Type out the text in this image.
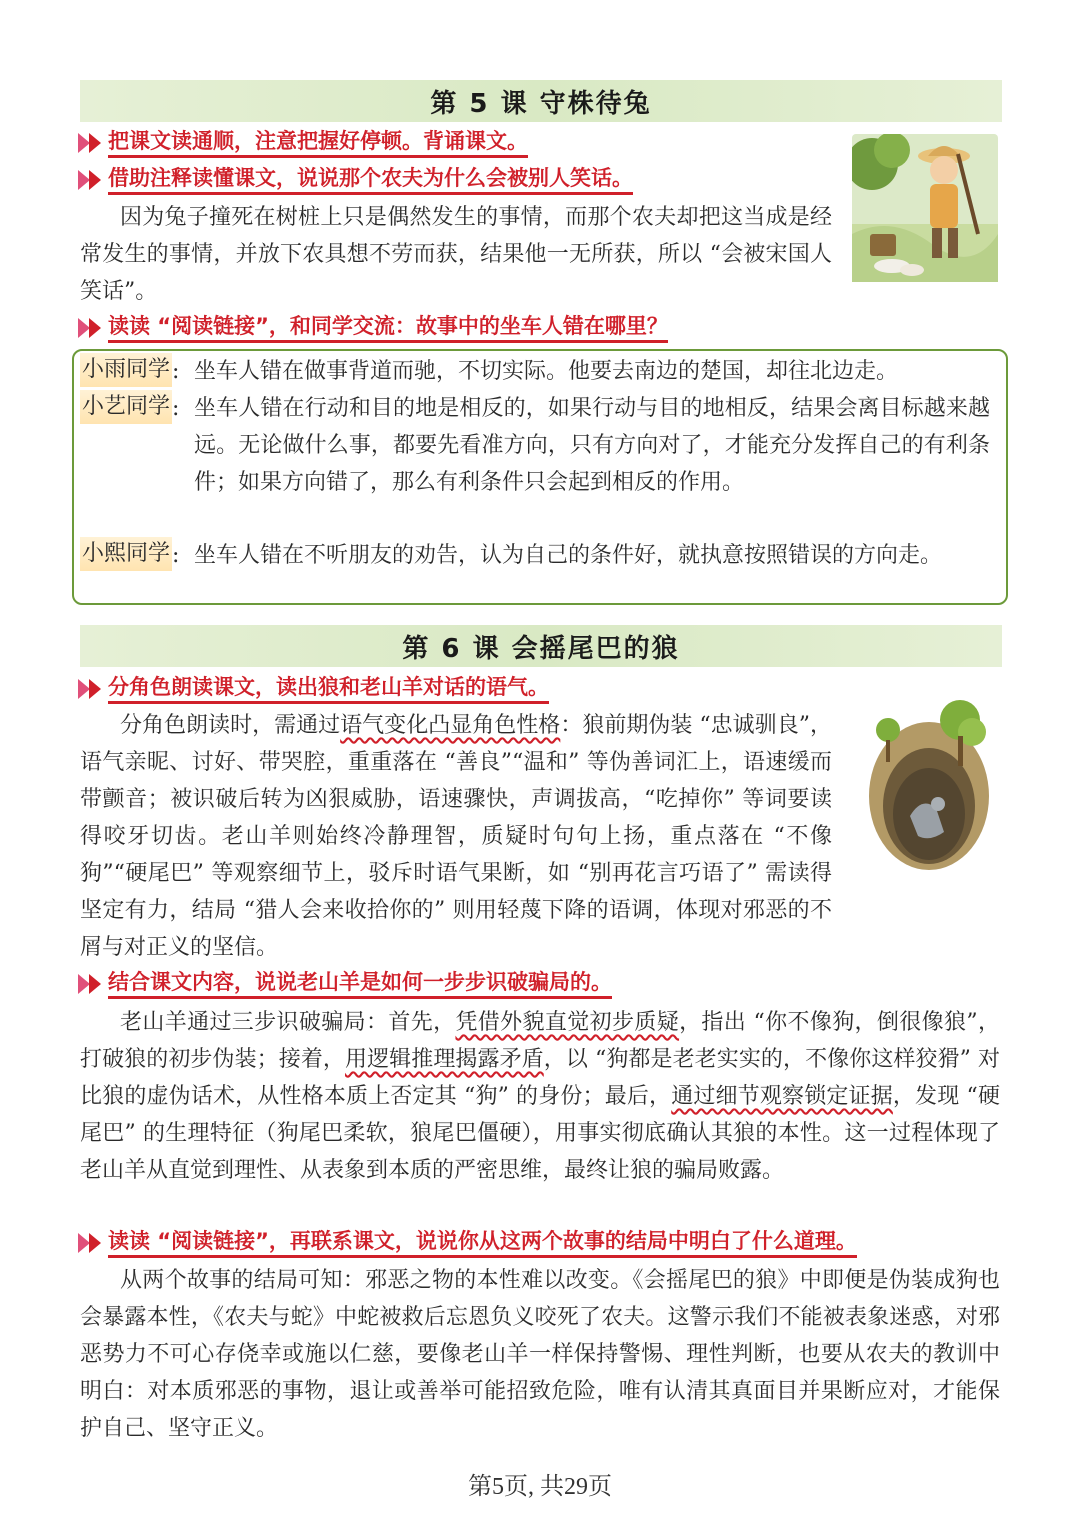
第 5 课 守株待兔
把课文读通顺，注意把握好停顿。背诵课文。
借助注释读懂课文，说说那个农夫为什么会被别人笑话。
因为兔子撞死在树桩上只是偶然发生的事情，而那个农夫却把这当成是经常发生的事情，并放下农具想不劳而获，结果他一无所获，所以 “会被宋国人笑话”。
读读 “阅读链接”，和同学交流：故事中的坐车人错在哪里？
小雨同学 : 坐车人错在做事背道而驰，不切实际。他要去南边的楚国，却往北边走。
小艺同学 : 坐车人错在行动和目的地是相反的，如果行动与目的地相反，结果会离目标越来越远。无论做什么事，都要先看准方向，只有方向对了，才能充分发挥自己的有利条件；如果方向错了，那么有利条件只会起到相反的作用。
小熙同学 : 坐车人错在不听朋友的劝告，认为自己的条件好，就执意按照错误的方向走。
第 6 课 会摇尾巴的狼
分角色朗读课文，读出狼和老山羊对话的语气。
分角色朗读时，需通过语气变化凸显角色性格：狼前期伪装 “忠诚驯良”，语气亲昵、讨好、带哭腔，重重落在 “善良”“温和” 等伪善词汇上，语速缓而带颤音；被识破后转为凶狠威胁，语速骤快，声调拔高，“吃掉你” 等词要读得咬牙切齿。老山羊则始终冷静理智，质疑时句句上扬，重点落在 “不像狗”“硬尾巴” 等观察细节上，驳斥时语气果断，如 “别再花言巧语了” 需读得坚定有力，结局 “猎人会来收拾你的” 则用轻蔑下降的语调，体现对邪恶的不屑与对正义的坚信。
结合课文内容，说说老山羊是如何一步步识破骗局的。
老山羊通过三步识破骗局：首先，凭借外貌直觉初步质疑，指出 “你不像狗，倒很像狼”，打破狼的初步伪装；接着，用逻辑推理揭露矛盾，以 “狗都是老老实实的，不像你这样狡猾” 对比狼的虚伪话术，从性格本质上否定其 “狗” 的身份；最后，通过细节观察锁定证据，发现 “硬尾巴” 的生理特征（狗尾巴柔软，狼尾巴僵硬），用事实彻底确认其狼的本性。这一过程体现了老山羊从直觉到理性、从表象到本质的严密思维，最终让狼的骗局败露。
读读 “阅读链接”，再联系课文，说说你从这两个故事的结局中明白了什么道理。
从两个故事的结局可知：邪恶之物的本性难以改变。《会摇尾巴的狼》中即便是伪装成狗也会暴露本性，《农夫与蛇》中蛇被救后忘恩负义咬死了农夫。这警示我们不能被表象迷惑，对邪恶势力不可心存侥幸或施以仁慈，要像老山羊一样保持警惕、理性判断，也要从农夫的教训中明白：对本质邪恶的事物，退让或善举可能招致危险，唯有认清其真面目并果断应对，才能保护自己、坚守正义。
第5页, 共29页
